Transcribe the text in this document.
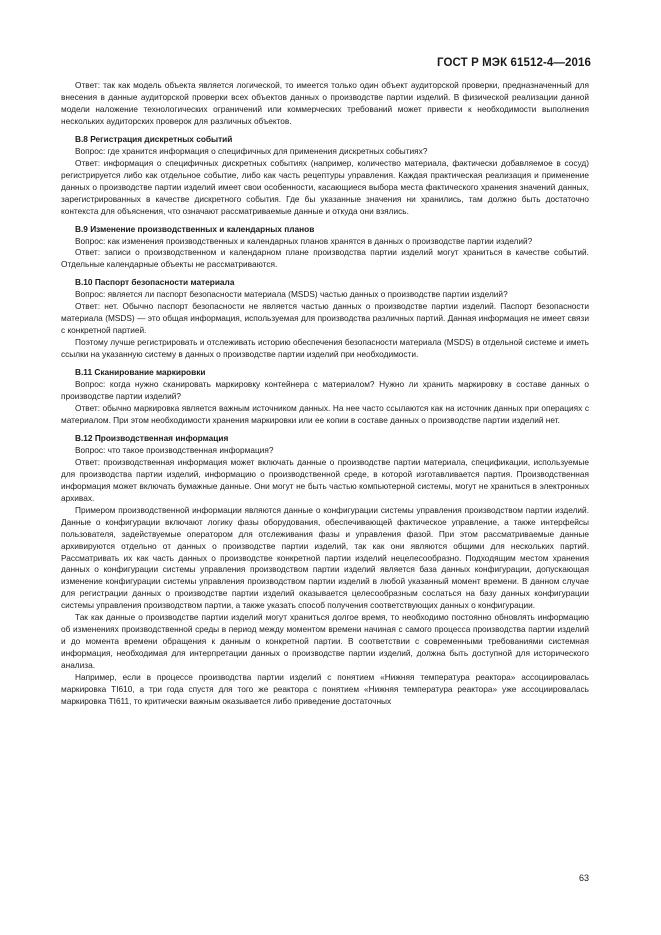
ГОСТ Р МЭК 61512-4—2016

Ответ: так как модель объекта является логической, то имеется только один объект аудиторской проверки, предназначенный для внесения в данные аудиторской проверки всех объектов данных о производстве партии изделий. В физической реализации данной модели наложение технологических ограничений или коммерческих требований может привести к необходимости выполнения нескольких аудиторских проверок для различных объектов.

В.8 Регистрация дискретных событий

Вопрос: где хранится информация о специфичных для применения дискретных событиях?

Ответ: информация о специфичных дискретных событиях (например, количество материала, фактически добавляемое в сосуд) регистрируется либо как отдельное событие, либо как часть рецептуры управления. Каждая практическая реализация и применение данных о производстве партии изделий имеет свои особенности, касающиеся выбора места фактического хранения значений данных, зарегистрированных в качестве дискретного события. Где бы указанные значения ни хранились, там должно быть достаточно контекста для объяснения, что означают рассматриваемые данные и откуда они взялись.

В.9 Изменение производственных и календарных планов

Вопрос: как изменения производственных и календарных планов хранятся в данных о производстве партии изделий?

Ответ: записи о производственном и календарном плане производства партии изделий могут храниться в качестве событий. Отдельные календарные объекты не рассматриваются.

В.10 Паспорт безопасности материала

Вопрос: является ли паспорт безопасности материала (MSDS) частью данных о производстве партии изделий?

Ответ: нет. Обычно паспорт безопасности не является частью данных о производстве партии изделий. Паспорт безопасности материала (MSDS) — это общая информация, используемая для производства различных партий. Данная информация не имеет связи с конкретной партией.

Поэтому лучше регистрировать и отслеживать историю обеспечения безопасности материала (MSDS) в отдельной системе и иметь ссылки на указанную систему в данных о производстве партии изделий при необходимости.

В.11 Сканирование маркировки

Вопрос: когда нужно сканировать маркировку контейнера с материалом? Нужно ли хранить маркировку в составе данных о производстве партии изделий?

Ответ: обычно маркировка является важным источником данных. На нее часто ссылаются как на источник данных при операциях с материалом. При этом необходимости хранения маркировки или ее копии в составе данных о производстве партии изделий нет.

В.12 Производственная информация

Вопрос: что такое производственная информация?

Ответ: производственная информация может включать данные о производстве партии материала, спецификации, используемые для производства партии изделий, информацию о производственной среде, в которой изготавливается партия. Производственная информация может включать бумажные данные. Они могут не быть частью компьютерной системы, могут не храниться в электронных архивах.

Примером производственной информации являются данные о конфигурации системы управления производством партии изделий. Данные о конфигурации включают логику фазы оборудования, обеспечивающей фактическое управление, а также интерфейсы пользователя, задействуемые оператором для отслеживания фазы и управления фазой. При этом рассматриваемые данные архивируются отдельно от данных о производстве партии изделий, так как они являются общими для нескольких партий. Рассматривать их как часть данных о производстве конкретной партии изделий нецелесообразно. Подходящим местом хранения данных о конфигурации системы управления производством партии изделий является база данных конфигурации, допускающая изменение конфигурации системы управления производством партии изделий в любой указанный момент времени. В данном случае для регистрации данных о производстве партии изделий оказывается целесообразным сослаться на базу данных конфигурации системы управления производством партии, а также указать способ получения соответствующих данных о конфигурации.

Так как данные о производстве партии изделий могут храниться долгое время, то необходимо постоянно обновлять информацию об изменениях производственной среды в период между моментом времени начиная с самого процесса производства партии изделий и до момента времени обращения к данным о конкретной партии. В соответствии с современными требованиями системная информация, необходимая для интерпретации данных о производстве партии изделий, должна быть доступной для исторического анализа.

Например, если в процессе производства партии изделий с понятием «Нижняя температура реактора» ассоциировалась маркировка TI610, а три года спустя для того же реактора с понятием «Нижняя температура реактора» уже ассоциировалась маркировка TI611, то критически важным оказывается либо приведение достаточных

63
